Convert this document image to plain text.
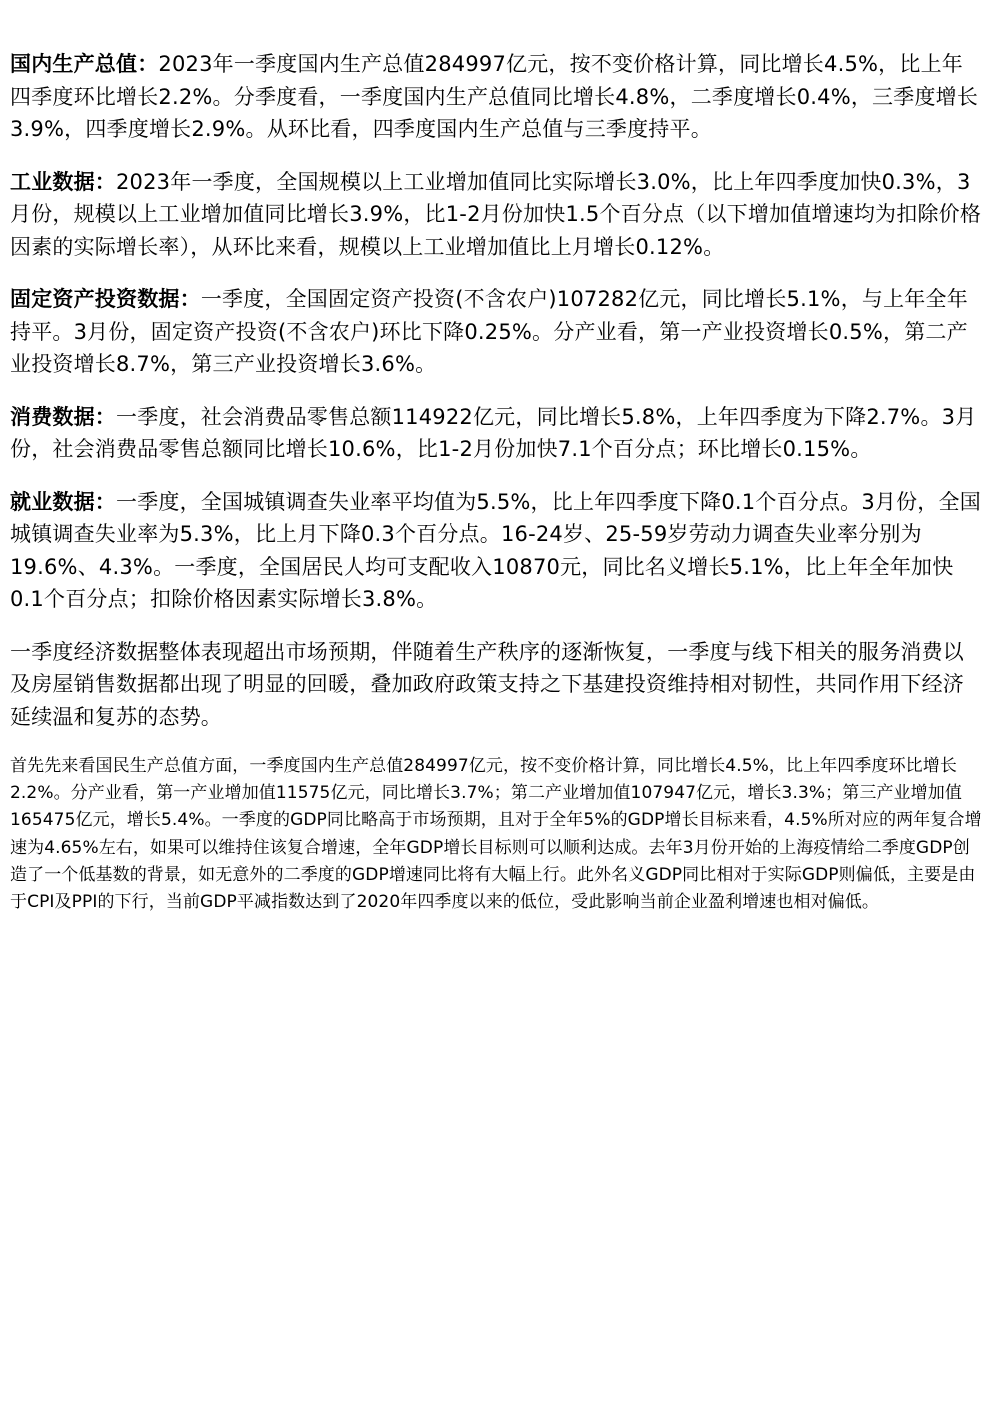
国内生产总值：2023年一季度国内生产总值284997亿元，按不变价格计算，同比增长4.5%，比上年四季度环比增长2.2%。分季度看，一季度国内生产总值同比增长4.8%，二季度增长0.4%，三季度增长3.9%，四季度增长2.9%。从环比看，四季度国内生产总值与三季度持平。

工业数据：2023年一季度，全国规模以上工业增加值同比实际增长3.0%，比上年四季度加快0.3%，3月份，规模以上工业增加值同比增长3.9%，比1-2月份加快1.5个百分点（以下增加值增速均为扣除价格因素的实际增长率），从环比来看，规模以上工业增加值比上月增长0.12%。

固定资产投资数据：一季度，全国固定资产投资(不含农户)107282亿元，同比增长5.1%，与上年全年持平。3月份，固定资产投资(不含农户)环比下降0.25%。分产业看，第一产业投资增长0.5%，第二产业投资增长8.7%，第三产业投资增长3.6%。

消费数据：一季度，社会消费品零售总额114922亿元，同比增长5.8%，上年四季度为下降2.7%。3月份，社会消费品零售总额同比增长10.6%，比1-2月份加快7.1个百分点；环比增长0.15%。

就业数据：一季度，全国城镇调查失业率平均值为5.5%，比上年四季度下降0.1个百分点。3月份，全国城镇调查失业率为5.3%，比上月下降0.3个百分点。16-24岁、25-59岁劳动力调查失业率分别为19.6%、4.3%。一季度，全国居民人均可支配收入10870元，同比名义增长5.1%，比上年全年加快0.1个百分点；扣除价格因素实际增长3.8%。

一季度经济数据整体表现超出市场预期，伴随着生产秩序的逐渐恢复，一季度与线下相关的服务消费以及房屋销售数据都出现了明显的回暖，叠加政府政策支持之下基建投资维持相对韧性，共同作用下经济延续温和复苏的态势。

首先先来看国民生产总值方面，一季度国内生产总值284997亿元，按不变价格计算，同比增长4.5%，比上年四季度环比增长2.2%。分产业看，第一产业增加值11575亿元，同比增长3.7%；第二产业增加值107947亿元，增长3.3%；第三产业增加值165475亿元，增长5.4%。一季度的GDP同比略高于市场预期，且对于全年5%的GDP增长目标来看，4.5%所对应的两年复合增速为4.65%左右，如果可以维持住该复合增速，全年GDP增长目标则可以顺利达成。去年3月份开始的上海疫情给二季度GDP创造了一个低基数的背景，如无意外的二季度的GDP增速同比将有大幅上行。此外名义GDP同比相对于实际GDP则偏低，主要是由于CPI及PPI的下行，当前GDP平减指数达到了2020年四季度以来的低位，受此影响当前企业盈利增速也相对偏低。
